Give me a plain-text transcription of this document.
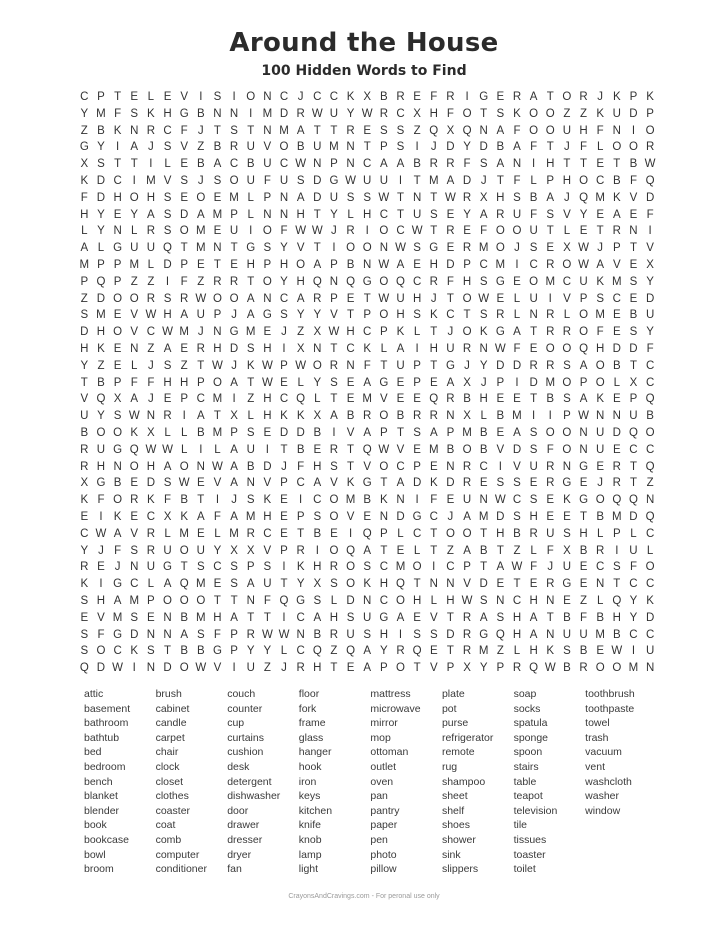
Around the House
100 Hidden Words to Find
C P T E L E V I S I O N C J C C K X B R E F R I G E R A T O R J K P K
Y M F S K H G B N N I M D R W U Y W R C X H F O T S K O O Z Z K U D P
Z B K N R C F J T S T N M A T T R E S S Z Q X Q N A F O O U H F N I O
G Y I A J S V Z B R U V O B U M N T P S I	J D Y D B A F T J F L O O R
X S T T	I	L E B A C B U C W N P N C A A B R R F S A N I H T T E T B W
K D C I M V S J S O U F U S D G W U U I	T M A D J T F L P H O C B F Q
F D H O H S E O E M L P N A D U S S W T N T W R X H S B A J Q M K V D
H Y E Y A S D A M P L N N H T Y L H C T U S E Y A R U F S V Y E A E F
L Y N L R S O M E U I O F W W J R I O C W T R E F O O U T L E T R N I
A L G U U Q T M N T G S Y V T	I O O N W S G E R M O J S E X W J P T V
M P P M L D P E T E H P H O A P B N W A E H D P C M I C R O W A V E X
P Q P Z Z	I	F Z R R T O Y H Q N Q G O Q C R F H S G E O M C U K M S Y
Z D O O R S R W O O A N C A R P E T W U H J T O W E L U I V P S C E D
S M E V W H A U P J A G S Y Y V T P O H S K C T S R L N R L O M E B U
D H O V C W M J N G M E J Z X W H C P K L T J O K G A T R R O F E S Y
H K E N Z A E R H D S H I X N T C K L A I H U R N W F E O O Q H D D F
Y Z E L J S Z T W J K W P W O R N F T U P T G J Y D D R R S A O B T C
T B P F F H H P O A T W E L Y S E A G E P E A X J P I D M O P O L X C
V Q X A J E P C M I	Z H C Q L T E M V E E Q R B H E E T B S A K E P Q
U Y S W N R I A T X L H K K X A B R O B R R N X L B M I	I P W N N U B
B O O K X L L B M P S E D D B I V A P T S A P M B E A S O O N U D Q O
R U G Q W W L	I	L A U I	T B E R T Q W V E M B O B V D S F O N U E C C
R H N O H A O N W A B D J F H S T V O C P E N R C I V U R N G E R T Q
X G B E D S W E V A N V P C A V K G T A D K D R E S S E R G E J R T Z
K F O R K F B T	I	J S K E I C O M B K N I	F E U N W C S E K G O Q Q N
E I K E C X K A F A M H E P S O V E N D G C J A M D S H E E T B M D Q
C W A V R L M E L M R C E T B E I Q P L C T O O T H B R U S H L P L C
Y J F S R U O U Y X X V P R I O Q A T E L T Z A B T Z L F X B R I U L
R E J N U G T S C S P S I K H R O S C M O I C P T A W F J U E C S F O
K I G C L A Q M E S A U T Y X S O K H Q T N N V D E T E R G E N T C C
S H A M P O O O T T N F Q G S L D N C O H L H W S N C H N E Z L Q Y K
E V M S E N B M H A T T	I C A H S U G A E V T R A S H A T B F B H Y D
S F G D N N A S F P R W W N B R U S H I S S D R G Q H A N U U M B C C
S O C K S T B B G P Y Y L C Q Z Q A Y R Q E T R M Z L H K S B E W I U
Q D W I N D O W V I U Z J R H T E A P O T V P X Y P R Q W B R O O M N
attic
basement
bathroom
bathtub
bed
bedroom
bench
blanket
blender
book
bookcase
bowl
broom
brush
cabinet
candle
carpet
chair
clock
closet
clothes
coaster
coat
comb
computer
conditioner
couch
counter
cup
curtains
cushion
desk
detergent
dishwasher
door
drawer
dresser
dryer
fan
floor
fork
frame
glass
hanger
hook
iron
keys
kitchen
knife
knob
lamp
light
mattress
microwave
mirror
mop
ottoman
outlet
oven
pan
pantry
paper
pen
photo
pillow
plate
pot
purse
refrigerator
remote
rug
shampoo
sheet
shelf
shoes
shower
sink
slippers
soap
socks
spatula
sponge
spoon
stairs
table
teapot
television
tile
tissues
toaster
toilet
toothbrush
toothpaste
towel
trash
vacuum
vent
washcloth
washer
window
CrayonsAndCravings.com - For peronal use only
